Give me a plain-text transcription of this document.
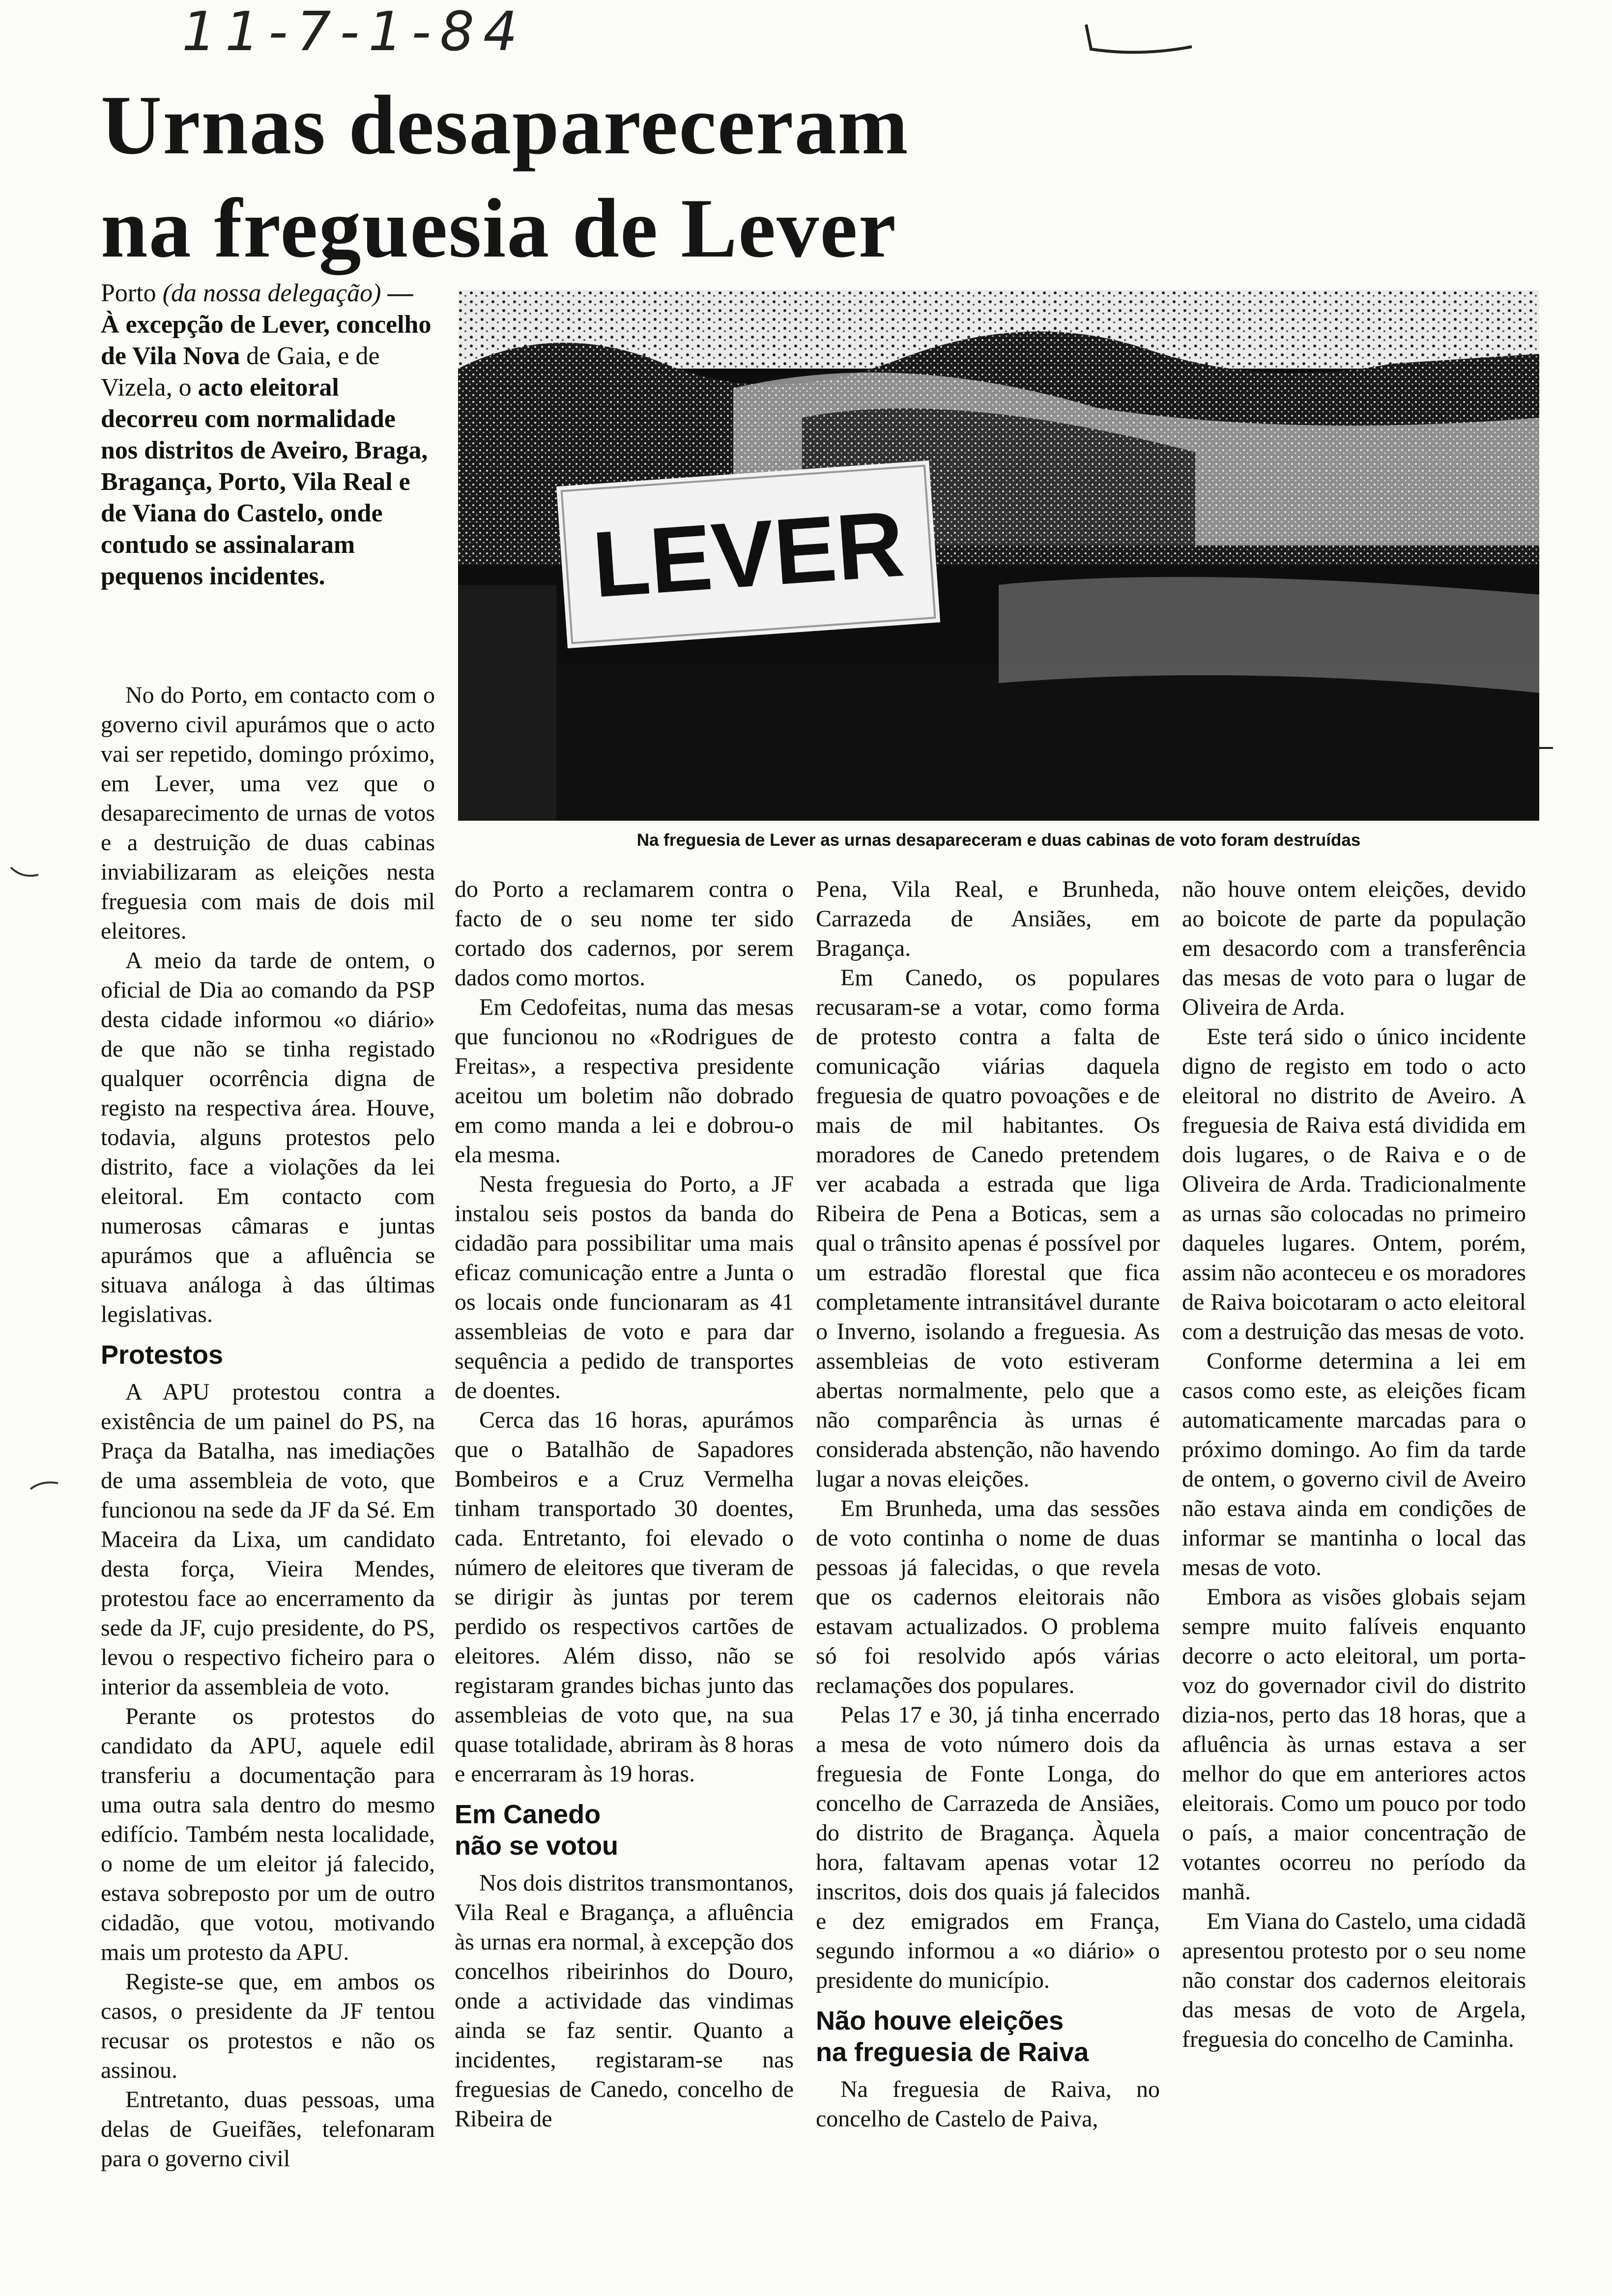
11-7-1-84
Urnas desapareceram
na freguesia de Lever

Porto (da nossa delegação) — À excepção de Lever, concelho de Vila Nova de Gaia, e de Vizela, o acto eleitoral decorreu com normalidade nos distritos de Aveiro, Braga, Bragança, Porto, Vila Real e de Viana do Castelo, onde contudo se assinalaram pequenos incidentes.	LEVER
Na freguesia de Lever as urnas desapareceram e duas cabinas de voto foram destruídas

No do Porto, em contacto com o governo civil apurámos que o acto vai ser repetido, domingo próximo, em Lever, uma vez que o desaparecimento de urnas de votos e a destruição de duas cabinas inviabilizaram as eleições nesta freguesia com mais de dois mil eleitores.

A meio da tarde de ontem, o oficial de Dia ao comando da PSP desta cidade informou «o diário» de que não se tinha registado qualquer ocorrência digna de registo na respectiva área. Houve, todavia, alguns protestos pelo distrito, face a violações da lei eleitoral. Em contacto com numerosas câmaras e juntas apurámos que a afluência se situava análoga à das últimas legislativas.

Protestos

A APU protestou contra a existência de um painel do PS, na Praça da Batalha, nas imediações de uma assembleia de voto, que funcionou na sede da JF da Sé. Em Maceira da Lixa, um candidato desta força, Vieira Mendes, protestou face ao encerramento da sede da JF, cujo presidente, do PS, levou o respectivo ficheiro para o interior da assembleia de voto.

Perante os protestos do candidato da APU, aquele edil transferiu a documentação para uma outra sala dentro do mesmo edifício. Também nesta localidade, o nome de um eleitor já falecido, estava sobreposto por um de outro cidadão, que votou, motivando mais um protesto da APU.

Registe-se que, em ambos os casos, o presidente da JF tentou recusar os protestos e não os assinou.

Entretanto, duas pessoas, uma delas de Gueifães, telefonaram para o governo civil

do Porto a reclamarem contra o facto de o seu nome ter sido cortado dos cadernos, por serem dados como mortos.

Em Cedofeitas, numa das mesas que funcionou no «Rodrigues de Freitas», a respectiva presidente aceitou um boletim não dobrado em como manda a lei e dobrou-o ela mesma.

Nesta freguesia do Porto, a JF instalou seis postos da banda do cidadão para possibilitar uma mais eficaz comunicação entre a Junta o os locais onde funcionaram as 41 assembleias de voto e para dar sequência a pedido de transportes de doentes.

Cerca das 16 horas, apurámos que o Batalhão de Sapadores Bombeiros e a Cruz Vermelha tinham transportado 30 doentes, cada. Entretanto, foi elevado o número de eleitores que tiveram de se dirigir às juntas por terem perdido os respectivos cartões de eleitores. Além disso, não se registaram grandes bichas junto das assembleias de voto que, na sua quase totalidade, abriram às 8 horas e encerraram às 19 horas.

Em Canedo
não se votou

Nos dois distritos transmontanos, Vila Real e Bragança, a afluência às urnas era normal, à excepção dos concelhos ribeirinhos do Douro, onde a actividade das vindimas ainda se faz sentir. Quanto a incidentes, registaram-se nas freguesias de Canedo, concelho de Ribeira de

Pena, Vila Real, e Brunheda, Carrazeda de Ansiães, em Bragança.

Em Canedo, os populares recusaram-se a votar, como forma de protesto contra a falta de comunicação viárias daquela freguesia de quatro povoações e de mais de mil habitantes. Os moradores de Canedo pretendem ver acabada a estrada que liga Ribeira de Pena a Boticas, sem a qual o trânsito apenas é possível por um estradão florestal que fica completamente intransitável durante o Inverno, isolando a freguesia. As assembleias de voto estiveram abertas normalmente, pelo que a não comparência às urnas é considerada abstenção, não havendo lugar a novas eleições.

Em Brunheda, uma das sessões de voto continha o nome de duas pessoas já falecidas, o que revela que os cadernos eleitorais não estavam actualizados. O problema só foi resolvido após várias reclamações dos populares.

Pelas 17 e 30, já tinha encerrado a mesa de voto número dois da freguesia de Fonte Longa, do concelho de Carrazeda de Ansiães, do distrito de Bragança. Àquela hora, faltavam apenas votar 12 inscritos, dois dos quais já falecidos e dez emigrados em França, segundo informou a «o diário» o presidente do município.

Não houve eleições
na freguesia de Raiva

Na freguesia de Raiva, no concelho de Castelo de Paiva,

não houve ontem eleições, devido ao boicote de parte da população em desacordo com a transferência das mesas de voto para o lugar de Oliveira de Arda.

Este terá sido o único incidente digno de registo em todo o acto eleitoral no distrito de Aveiro. A freguesia de Raiva está dividida em dois lugares, o de Raiva e o de Oliveira de Arda. Tradicionalmente as urnas são colocadas no primeiro daqueles lugares. Ontem, porém, assim não aconteceu e os moradores de Raiva boicotaram o acto eleitoral com a destruição das mesas de voto.

Conforme determina a lei em casos como este, as eleições ficam automaticamente marcadas para o próximo domingo. Ao fim da tarde de ontem, o governo civil de Aveiro não estava ainda em condições de informar se mantinha o local das mesas de voto.

Embora as visões globais sejam sempre muito falíveis enquanto decorre o acto eleitoral, um porta-voz do governador civil do distrito dizia-nos, perto das 18 horas, que a afluência às urnas estava a ser melhor do que em anteriores actos eleitorais. Como um pouco por todo o país, a maior concentração de votantes ocorreu no período da manhã.

Em Viana do Castelo, uma cidadã apresentou protesto por o seu nome não constar dos cadernos eleitorais das mesas de voto de Argela, freguesia do concelho de Caminha.
